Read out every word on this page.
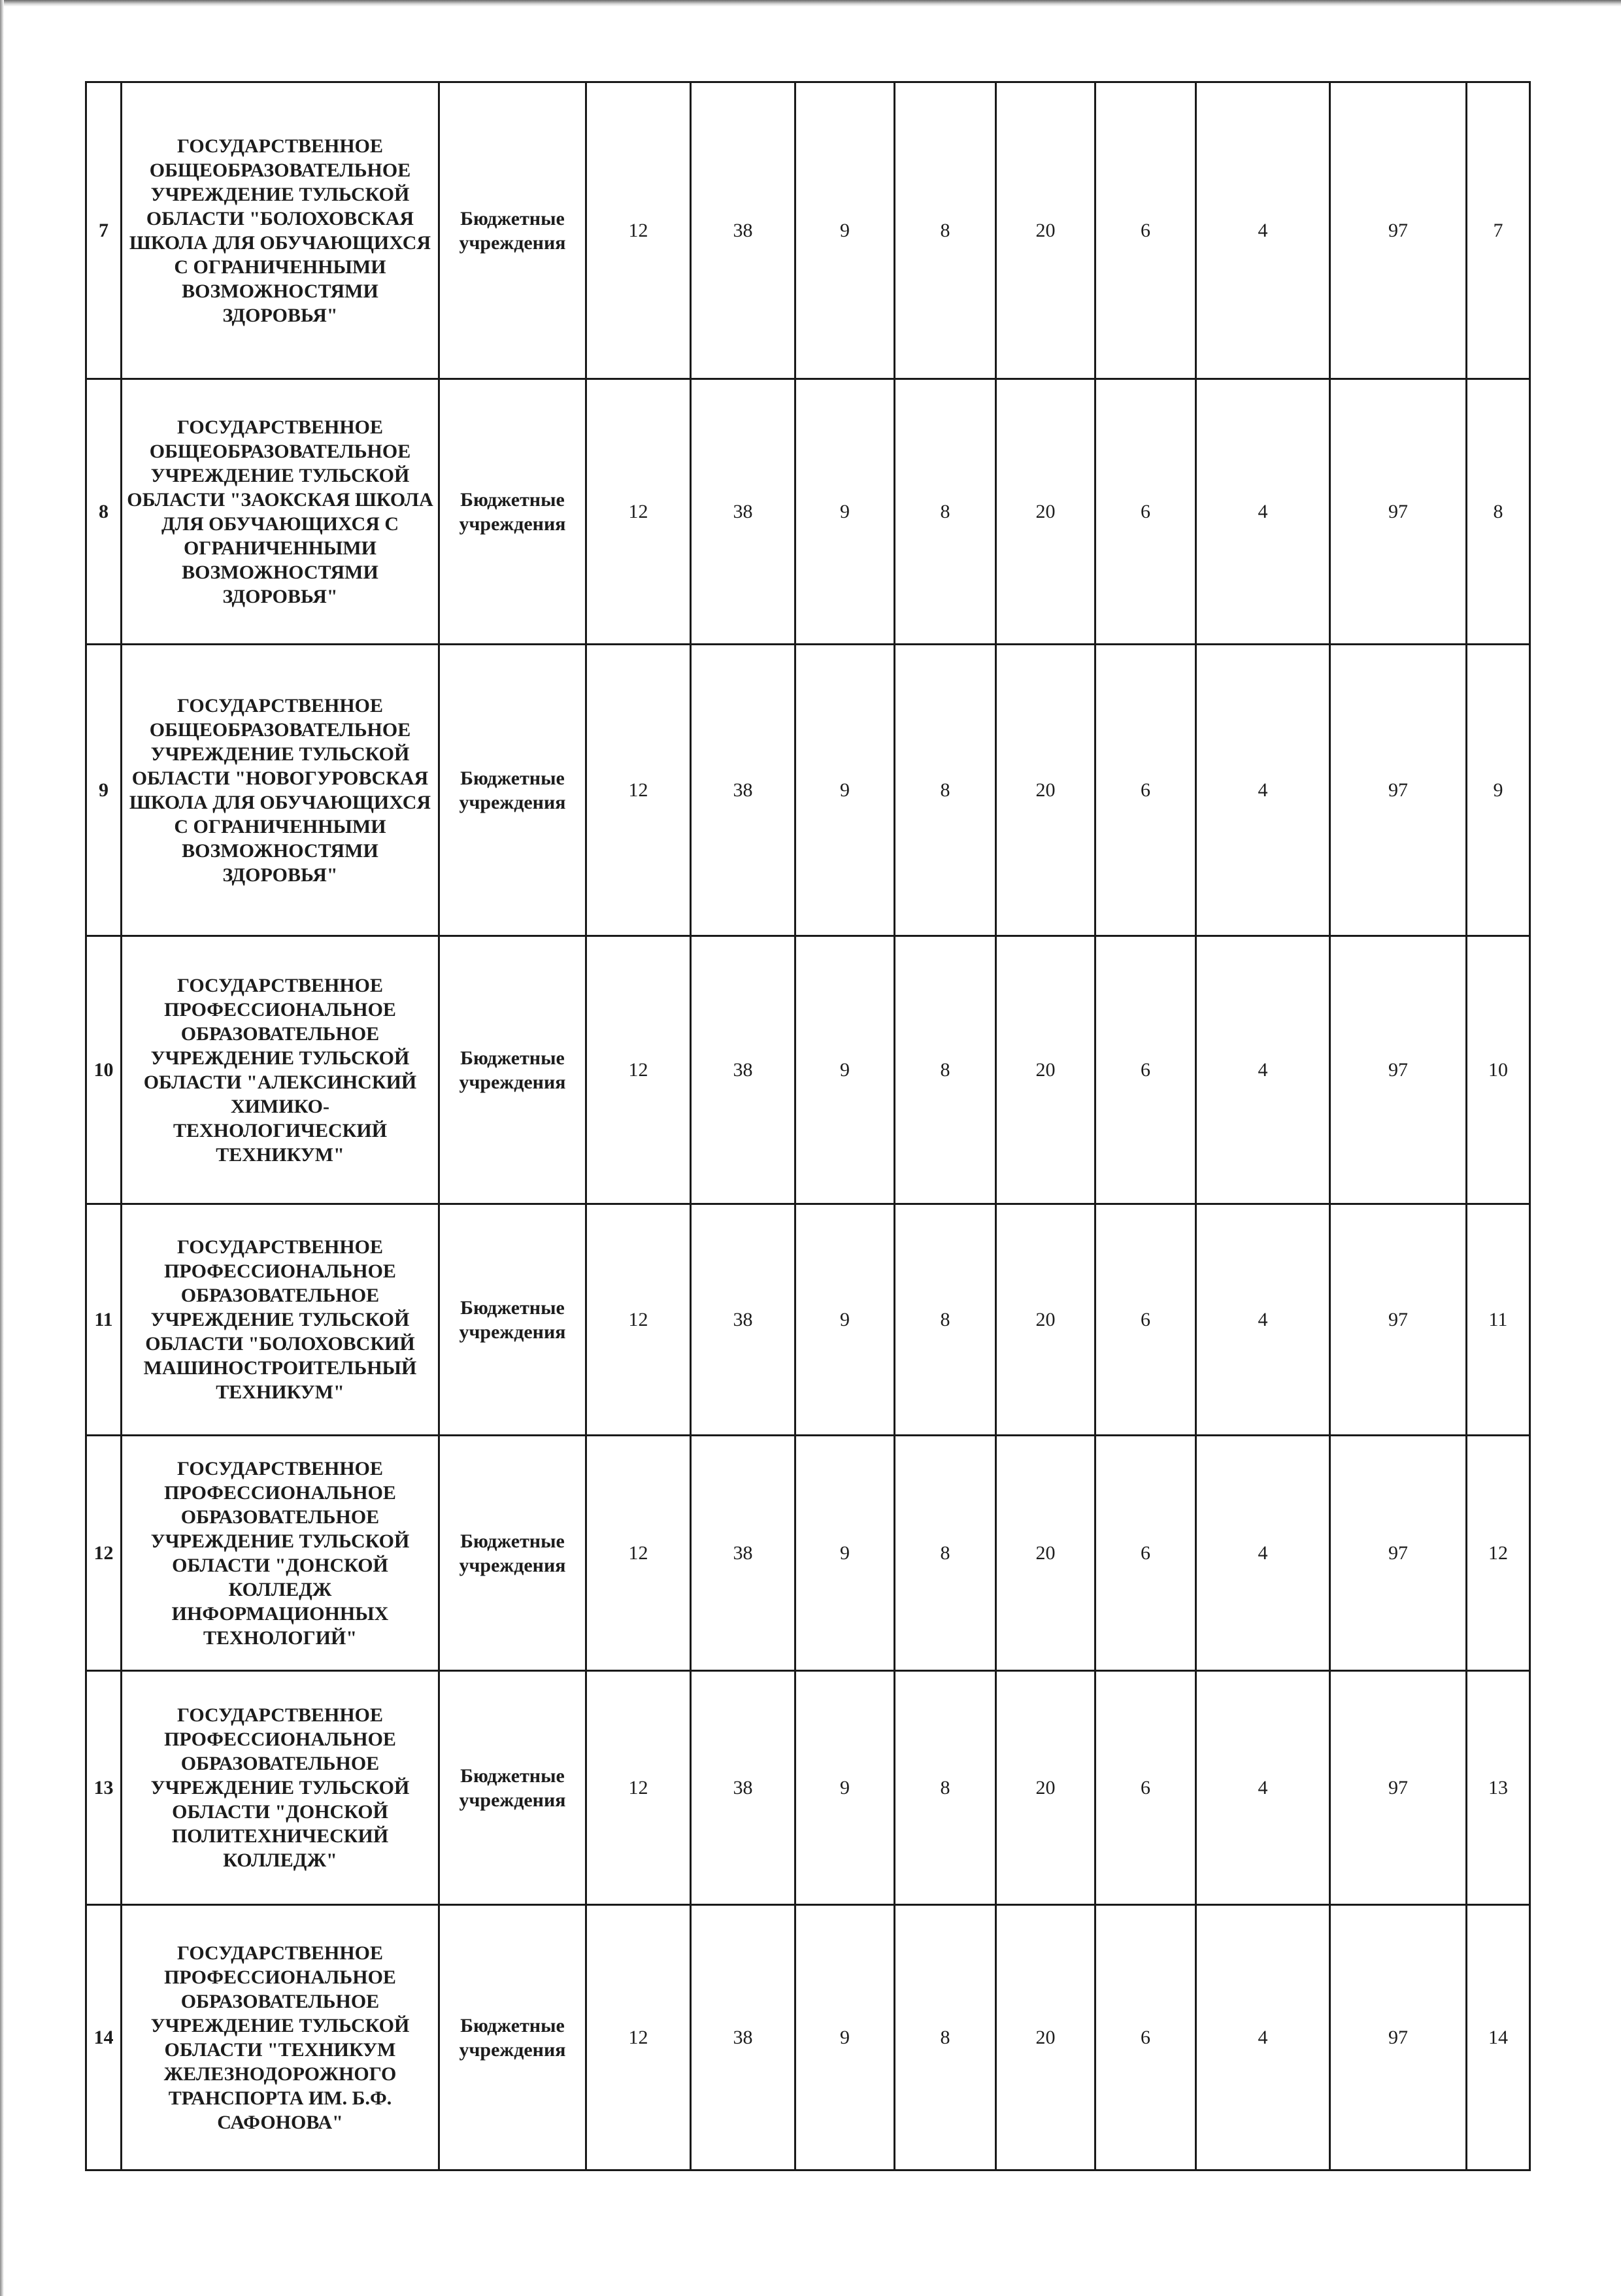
7	ГОСУДАРСТВЕННОЕ ОБЩЕОБРАЗОВАТЕЛЬНОЕ УЧРЕЖДЕНИЕ ТУЛЬСКОЙ ОБЛАСТИ "БОЛОХОВСКАЯ ШКОЛА ДЛЯ ОБУЧАЮЩИХСЯ С ОГРАНИЧЕННЫМИ ВОЗМОЖНОСТЯМИ ЗДОРОВЬЯ"	Бюджетные учреждения	12	38	9	8	20	6	4	97	7
8	ГОСУДАРСТВЕННОЕ ОБЩЕОБРАЗОВАТЕЛЬНОЕ УЧРЕЖДЕНИЕ ТУЛЬСКОЙ ОБЛАСТИ "ЗАОКСКАЯ ШКОЛА ДЛЯ ОБУЧАЮЩИХСЯ С ОГРАНИЧЕННЫМИ ВОЗМОЖНОСТЯМИ ЗДОРОВЬЯ"	Бюджетные учреждения	12	38	9	8	20	6	4	97	8
9	ГОСУДАРСТВЕННОЕ ОБЩЕОБРАЗОВАТЕЛЬНОЕ УЧРЕЖДЕНИЕ ТУЛЬСКОЙ ОБЛАСТИ "НОВОГУРОВСКАЯ ШКОЛА ДЛЯ ОБУЧАЮЩИХСЯ С ОГРАНИЧЕННЫМИ ВОЗМОЖНОСТЯМИ ЗДОРОВЬЯ"	Бюджетные учреждения	12	38	9	8	20	6	4	97	9
10	ГОСУДАРСТВЕННОЕ ПРОФЕССИОНАЛЬНОЕ ОБРАЗОВАТЕЛЬНОЕ УЧРЕЖДЕНИЕ ТУЛЬСКОЙ ОБЛАСТИ "АЛЕКСИНСКИЙ ХИМИКО-ТЕХНОЛОГИЧЕСКИЙ ТЕХНИКУМ"	Бюджетные учреждения	12	38	9	8	20	6	4	97	10
11	ГОСУДАРСТВЕННОЕ ПРОФЕССИОНАЛЬНОЕ ОБРАЗОВАТЕЛЬНОЕ УЧРЕЖДЕНИЕ ТУЛЬСКОЙ ОБЛАСТИ "БОЛОХОВСКИЙ МАШИНОСТРОИТЕЛЬНЫЙ ТЕХНИКУМ"	Бюджетные учреждения	12	38	9	8	20	6	4	97	11
12	ГОСУДАРСТВЕННОЕ ПРОФЕССИОНАЛЬНОЕ ОБРАЗОВАТЕЛЬНОЕ УЧРЕЖДЕНИЕ ТУЛЬСКОЙ ОБЛАСТИ "ДОНСКОЙ КОЛЛЕДЖ ИНФОРМАЦИОННЫХ ТЕХНОЛОГИЙ"	Бюджетные учреждения	12	38	9	8	20	6	4	97	12
13	ГОСУДАРСТВЕННОЕ ПРОФЕССИОНАЛЬНОЕ ОБРАЗОВАТЕЛЬНОЕ УЧРЕЖДЕНИЕ ТУЛЬСКОЙ ОБЛАСТИ "ДОНСКОЙ ПОЛИТЕХНИЧЕСКИЙ КОЛЛЕДЖ"	Бюджетные учреждения	12	38	9	8	20	6	4	97	13
14	ГОСУДАРСТВЕННОЕ ПРОФЕССИОНАЛЬНОЕ ОБРАЗОВАТЕЛЬНОЕ УЧРЕЖДЕНИЕ ТУЛЬСКОЙ ОБЛАСТИ "ТЕХНИКУМ ЖЕЛЕЗНОДОРОЖНОГО ТРАНСПОРТА ИМ. Б.Ф. САФОНОВА"	Бюджетные учреждения	12	38	9	8	20	6	4	97	14
